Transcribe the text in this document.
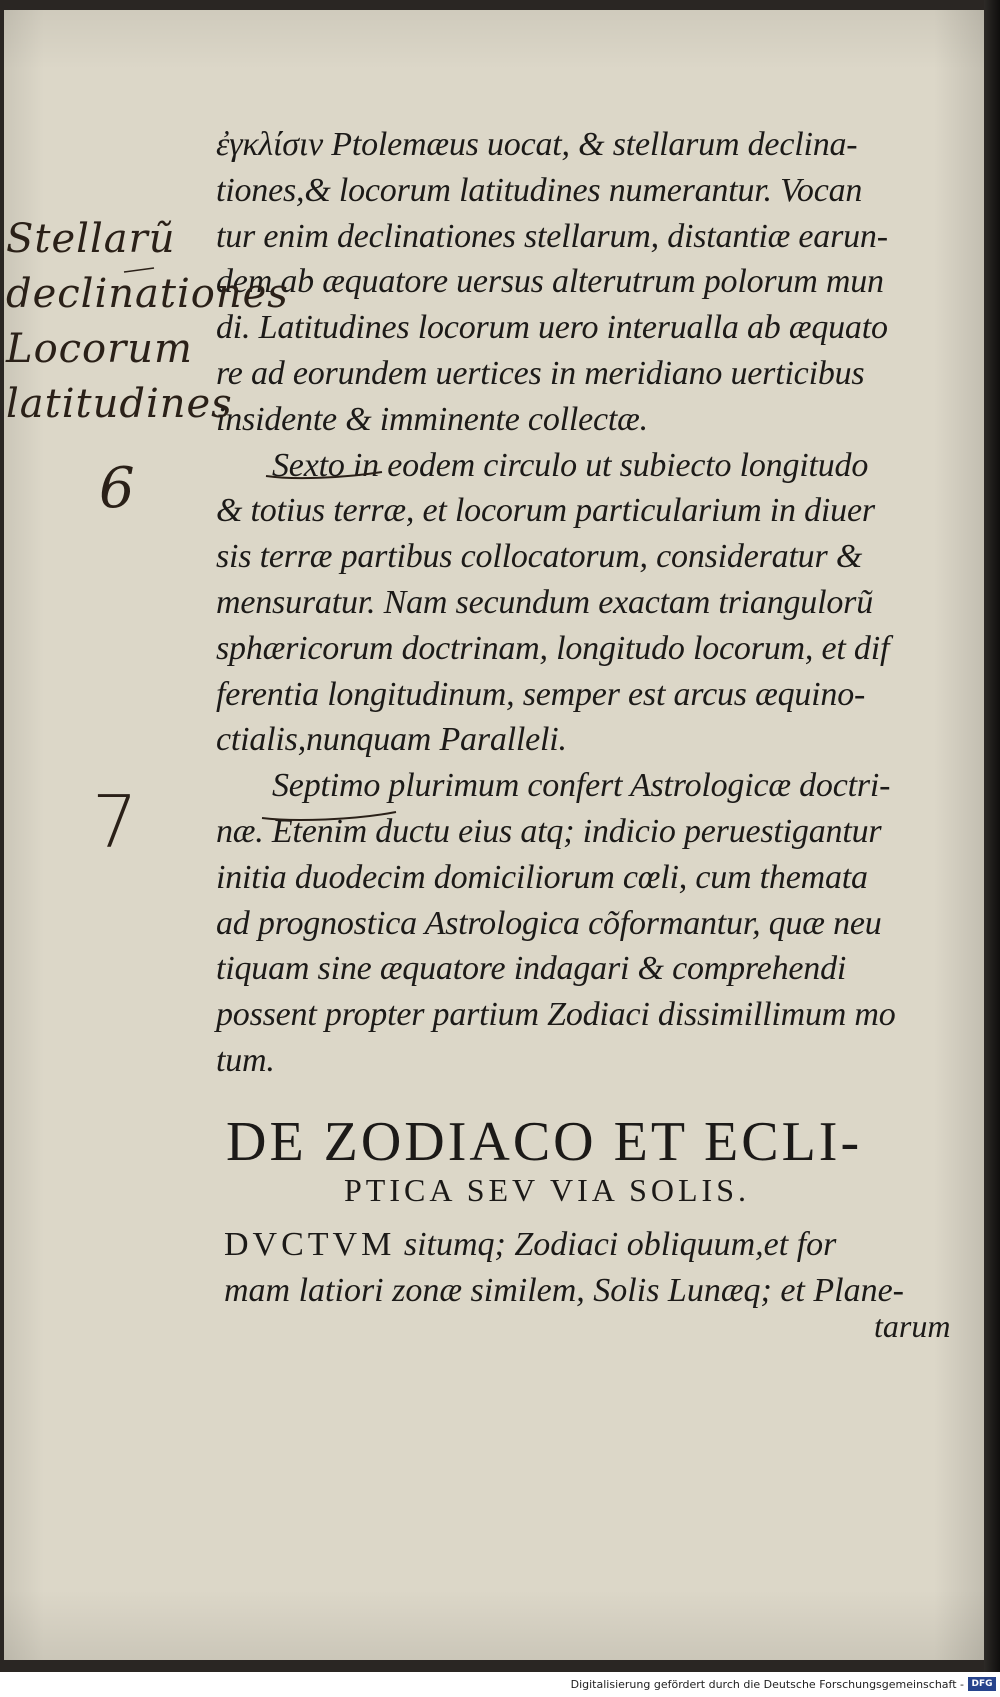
ἐγκλίσιν Ptolemæus uocat, & stellarum declina-
tiones,& locorum latitudines numerantur. Vocan
tur enim declinationes stellarum, distantiæ earun-
dem ab æquatore uersus alterutrum polorum mun
di. Latitudines locorum uero interualla ab æquato
re ad eorundem uertices in meridiano uerticibus
insidente & imminente collectæ.
Sexto in eodem circulo ut subiecto longitudo
& totius terræ, et locorum particularium in diuer
sis terræ partibus collocatorum, consideratur &
mensuratur. Nam secundum exactam triangulorũ
sphæricorum doctrinam, longitudo locorum, et dif
ferentia longitudinum, semper est arcus æquino-
ctialis,nunquam Paralleli.
Septimo plurimum confert Astrologicæ doctri-
næ. Etenim ductu eius atq; indicio peruestigantur
initia duodecim domiciliorum cœli, cum themata
ad prognostica Astrologica cõformantur, quæ neu
tiquam sine æquatore indagari & comprehendi
possent propter partium Zodiaci dissimillimum mo
tum.
DE ZODIACO ET ECLI-
PTICA SEV VIA SOLIS.
DVCTVM situmq; Zodiaci obliquum,et for
mam latiori zonæ similem, Solis Lunæq; et Plane-
tarum
Stellarũ
declinationes
Locorum
latitudines
6
7
Digitalisierung gefördert durch die Deutsche Forschungsgemeinschaft - DFG
